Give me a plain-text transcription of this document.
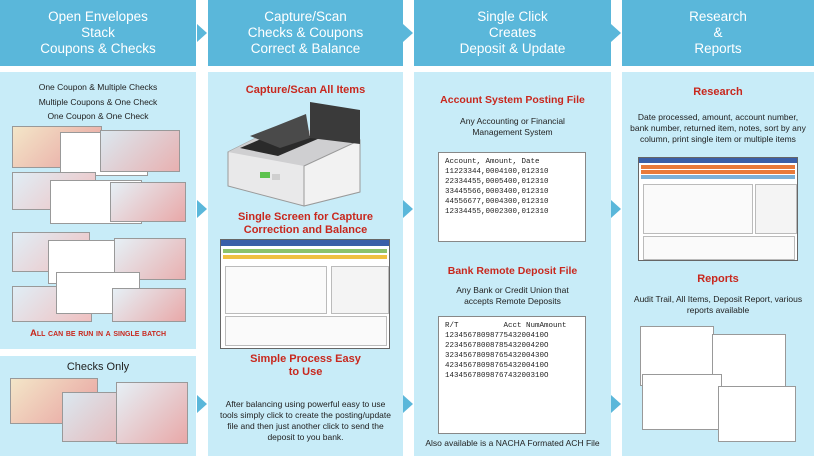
Open Envelopes
Stack
Coupons & Checks
One Coupon & Multiple Checks
Multiple Coupons & One Check
One Coupon & One Check
All can be run in a single batch
Checks Only
Capture/Scan
Checks & Coupons
Correct & Balance
Capture/Scan All Items
Single Screen for Capture Correction and Balance
Simple Process Easy to Use
After balancing using powerful easy to use tools simply click to create the posting/update file and then just another click to send the deposit to you bank.
Single Click
Creates
Deposit & Update
Account System Posting File
Any Accounting or Financial Management System
Account, Amount, Date
11223344,0004100,012310
22334455,0005400,012310
33445566,0003400,012310
44556677,0004300,012310
12334455,0002300,012310
Bank Remote Deposit File
Any Bank or Credit Union that accepts Remote Deposits
R/T          Acct NumAmount
1234567809877543200410O
2234567800878543200420O
3234567809876543200430O
4234567809876543200410O
1434567809876743200310O
Also available is a NACHA Formated ACH File
Research
&
Reports
Research
Date processed, amount, account number, bank number, returned item, notes, sort by any column, print single item or multiple items
Reports
Audit Trail, All Items, Deposit Report, various reports available
